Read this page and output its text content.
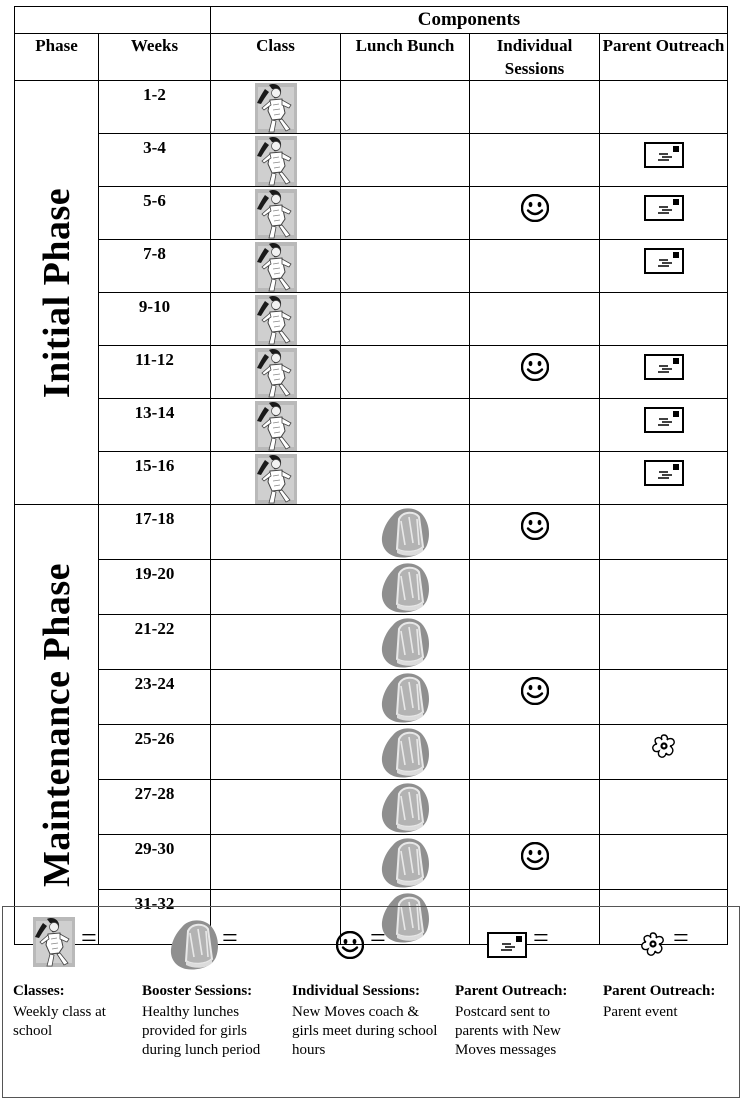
		Components			
Phase	Weeks	Class	Lunch Bunch	Individual Sessions	Parent Outreach

Initial Phase	1-2	

	3-4	

	5-6	

	7-8	

	9-10	

	11-12	

	13-14	

	15-16	

Maintenance Phase	17-18		

	19-20		

	21-22		

	23-24		

	25-26		

	27-28		

	29-30		

	31-32		

=
Classes:
Weekly class at school
=
Booster Sessions:
Healthy lunches provided for girls during lunch period
=
Individual Sessions:
New Moves coach & girls meet during school hours
=
Parent Outreach:
Postcard sent to parents with New Moves messages
=
Parent Outreach:
Parent event
